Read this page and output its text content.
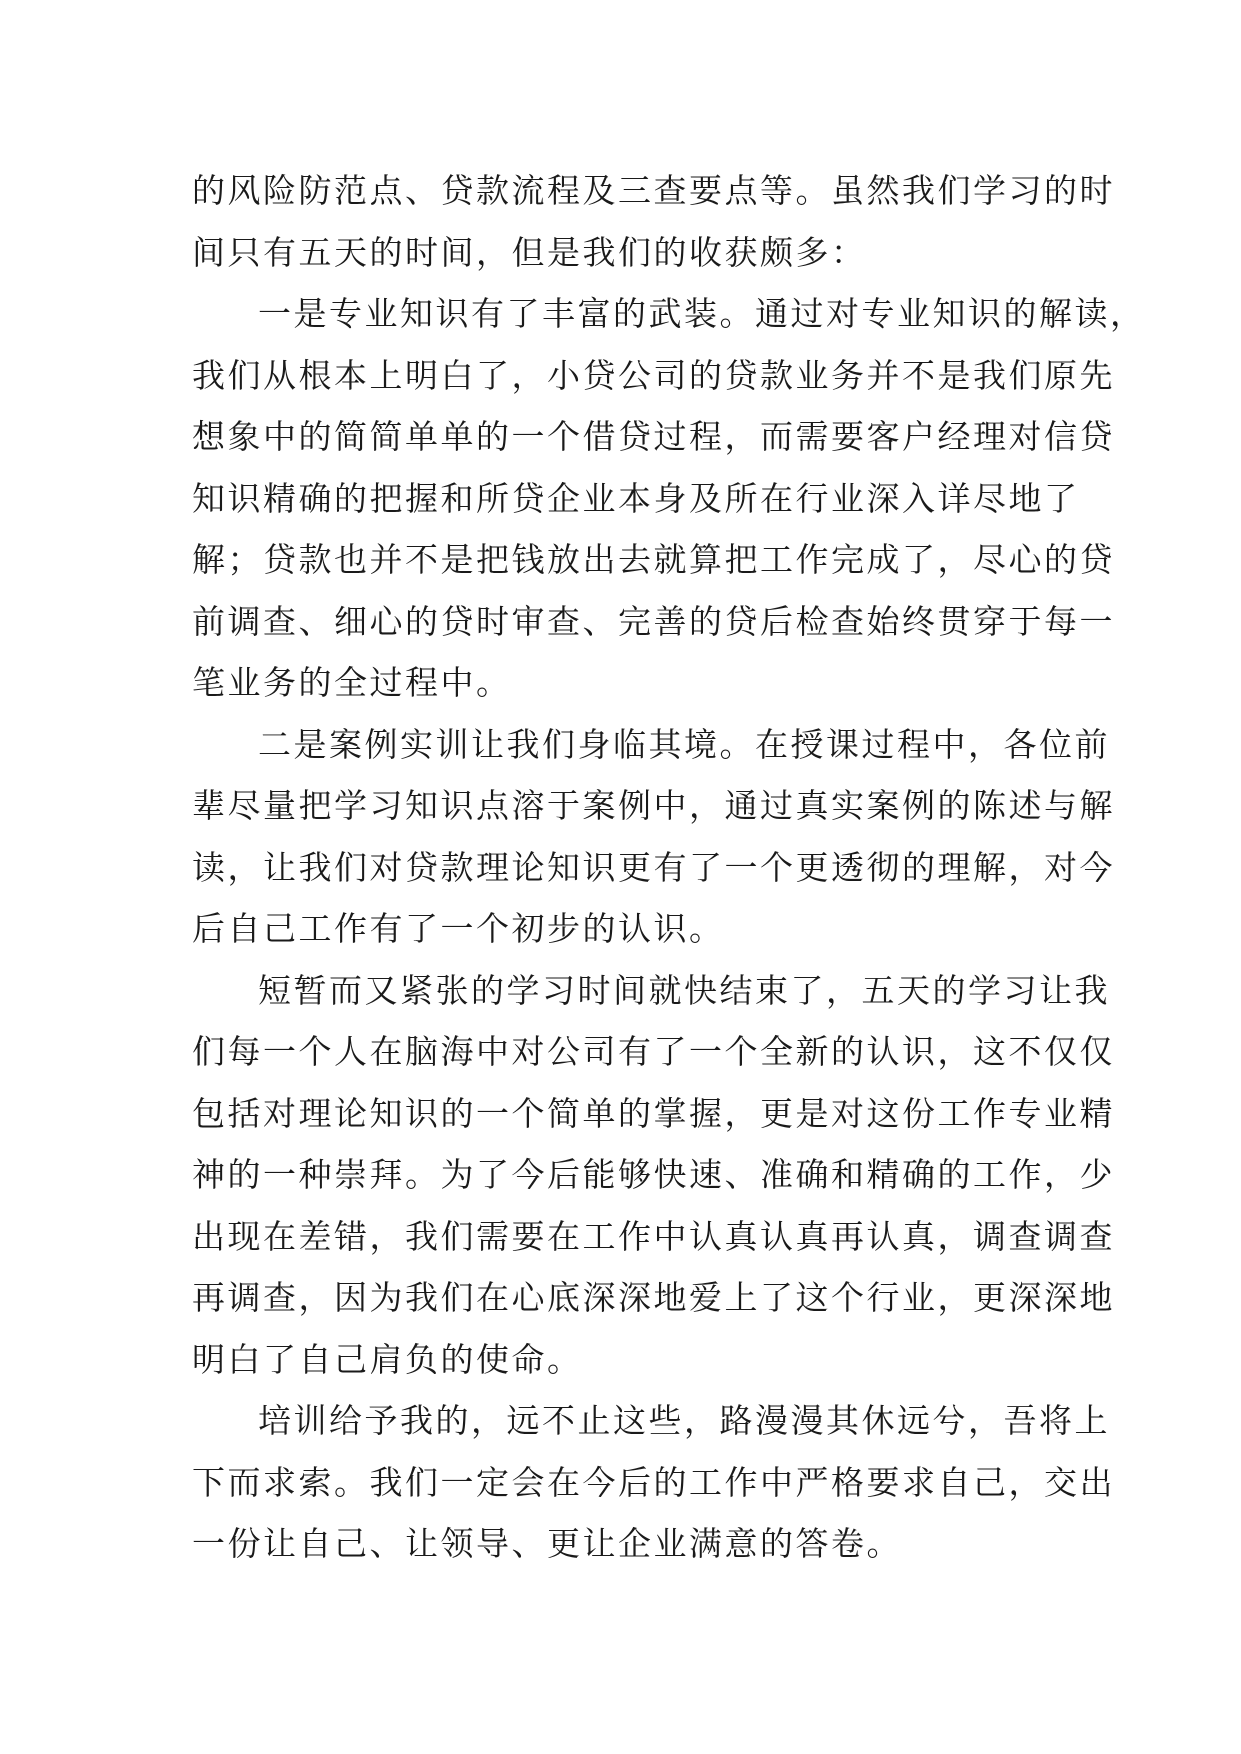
的风险防范点、贷款流程及三查要点等。虽然我们学习的时
间只有五天的时间，但是我们的收获颇多：
一是专业知识有了丰富的武装。通过对专业知识的解读，
我们从根本上明白了，小贷公司的贷款业务并不是我们原先
想象中的简简单单的一个借贷过程，而需要客户经理对信贷
知识精确的把握和所贷企业本身及所在行业深入详尽地了
解；贷款也并不是把钱放出去就算把工作完成了，尽心的贷
前调查、细心的贷时审查、完善的贷后检查始终贯穿于每一
笔业务的全过程中。
二是案例实训让我们身临其境。在授课过程中，各位前
辈尽量把学习知识点溶于案例中，通过真实案例的陈述与解
读，让我们对贷款理论知识更有了一个更透彻的理解，对今
后自己工作有了一个初步的认识。
短暂而又紧张的学习时间就快结束了，五天的学习让我
们每一个人在脑海中对公司有了一个全新的认识，这不仅仅
包括对理论知识的一个简单的掌握，更是对这份工作专业精
神的一种崇拜。为了今后能够快速、准确和精确的工作，少
出现在差错，我们需要在工作中认真认真再认真，调查调查
再调查，因为我们在心底深深地爱上了这个行业，更深深地
明白了自己肩负的使命。
培训给予我的，远不止这些，路漫漫其休远兮，吾将上
下而求索。我们一定会在今后的工作中严格要求自己，交出
一份让自己、让领导、更让企业满意的答卷。
